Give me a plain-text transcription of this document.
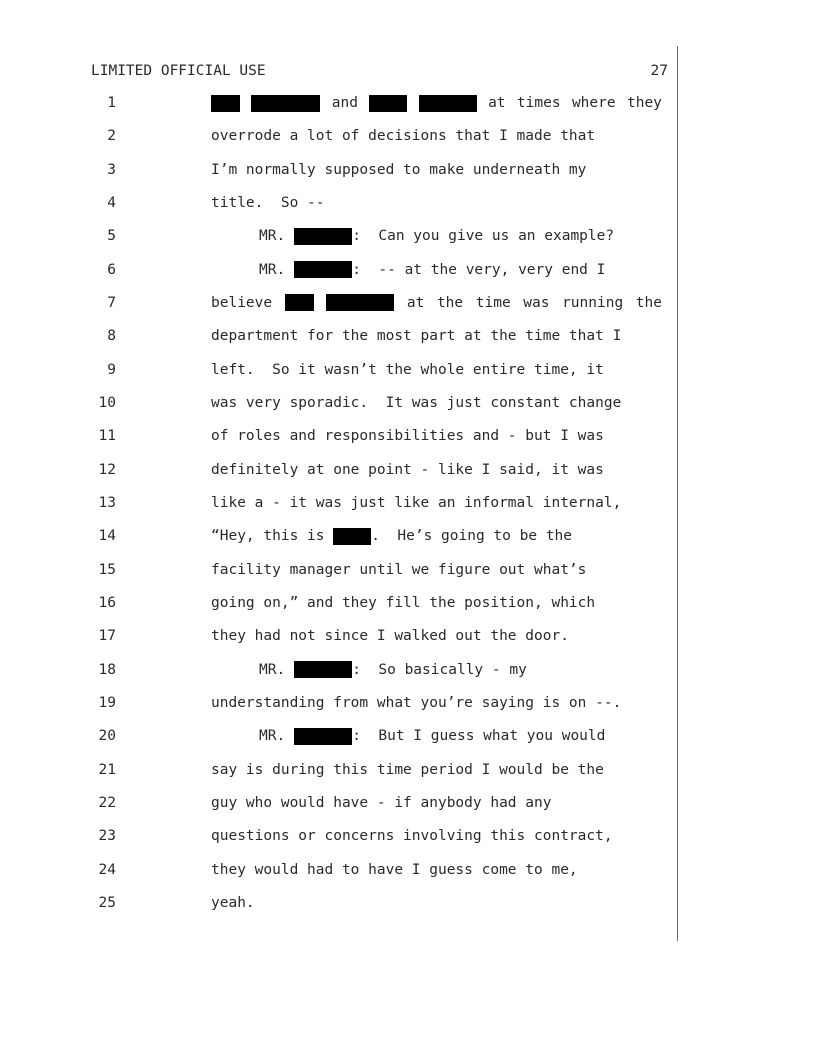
LIMITED OFFICIAL USE	27
1	and	at times where they
2	overrode a lot of decisions that I made that
3	I’m normally supposed to make underneath my
4	title.  So --
5	MR.	:  Can you give us an example?
6	MR.	:  -- at the very, very end I
7	believe	at the time was running the
8	department for the most part at the time that I
9	left.  So it wasn’t the whole entire time, it
10	was very sporadic.  It was just constant change
11	of roles and responsibilities and - but I was
12	definitely at one point - like I said, it was
13	like a - it was just like an informal internal,
14	“Hey, this is	.  He’s going to be the
15	facility manager until we figure out what’s
16	going on,” and they fill the position, which
17	they had not since I walked out the door.
18	MR.	:  So basically - my
19	understanding from what you’re saying is on --.
20	MR.	:  But I guess what you would
21	say is during this time period I would be the
22	guy who would have - if anybody had any
23	questions or concerns involving this contract,
24	they would had to have I guess come to me,
25	yeah.
